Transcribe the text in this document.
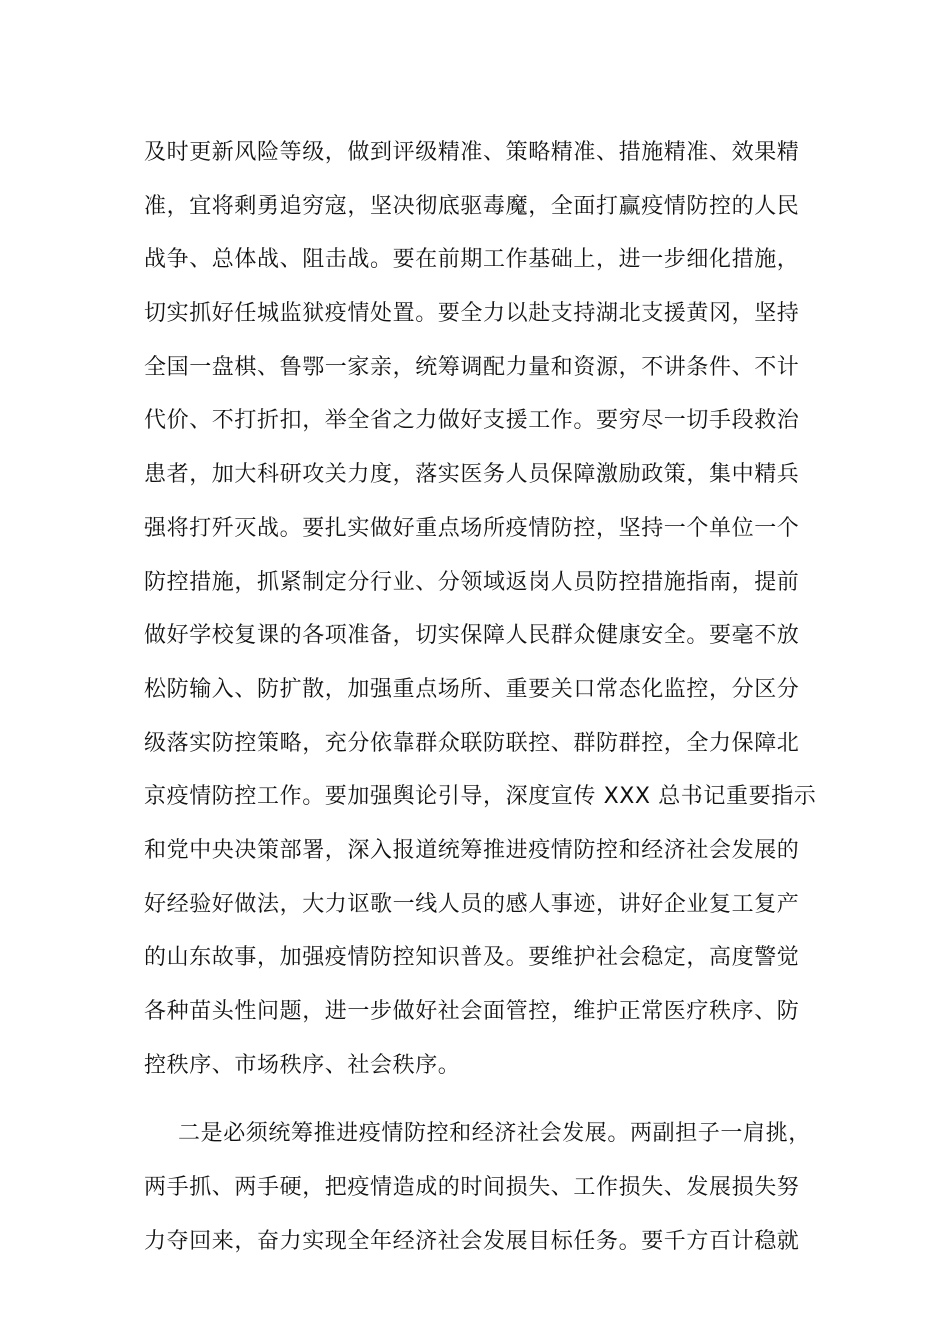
及时更新风险等级，做到评级精准、策略精准、措施精准、效果精
准，宜将剩勇追穷寇，坚决彻底驱毒魔，全面打赢疫情防控的人民
战争、总体战、阻击战。要在前期工作基础上，进一步细化措施，
切实抓好任城监狱疫情处置。要全力以赴支持湖北支援黄冈，坚持
全国一盘棋、鲁鄂一家亲，统筹调配力量和资源，不讲条件、不计
代价、不打折扣，举全省之力做好支援工作。要穷尽一切手段救治
患者，加大科研攻关力度，落实医务人员保障激励政策，集中精兵
强将打歼灭战。要扎实做好重点场所疫情防控，坚持一个单位一个
防控措施，抓紧制定分行业、分领域返岗人员防控措施指南，提前
做好学校复课的各项准备，切实保障人民群众健康安全。要毫不放
松防输入、防扩散，加强重点场所、重要关口常态化监控，分区分
级落实防控策略，充分依靠群众联防联控、群防群控，全力保障北
京疫情防控工作。要加强舆论引导，深度宣传 XXX 总书记重要指示
和党中央决策部署，深入报道统筹推进疫情防控和经济社会发展的
好经验好做法，大力讴歌一线人员的感人事迹，讲好企业复工复产
的山东故事，加强疫情防控知识普及。要维护社会稳定，高度警觉
各种苗头性问题，进一步做好社会面管控，维护正常医疗秩序、防
控秩序、市场秩序、社会秩序。
二是必须统筹推进疫情防控和经济社会发展。两副担子一肩挑，
两手抓、两手硬，把疫情造成的时间损失、工作损失、发展损失努
力夺回来，奋力实现全年经济社会发展目标任务。要千方百计稳就
